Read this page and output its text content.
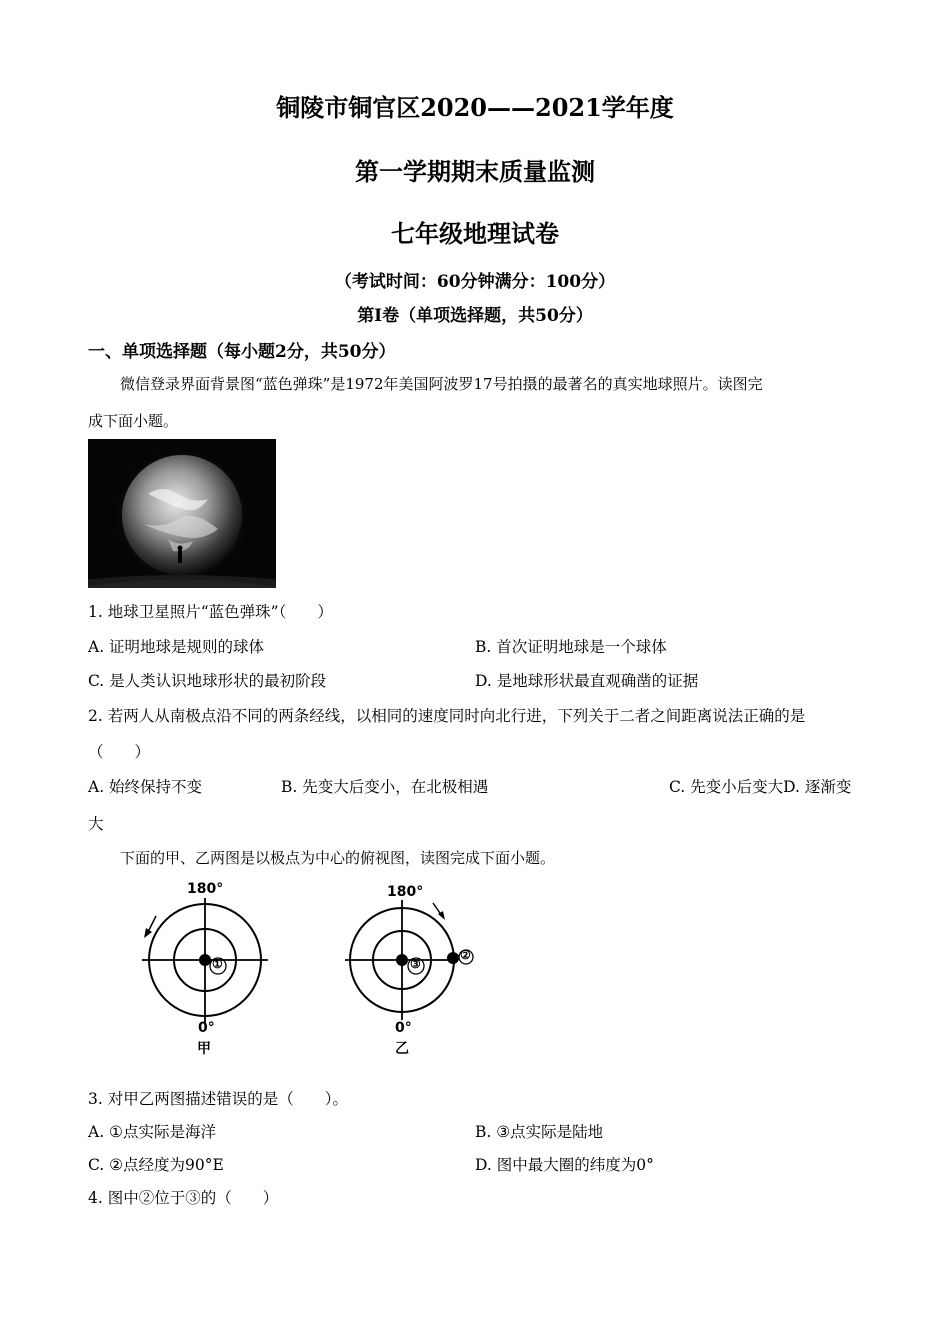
铜陵市铜官区2020——2021学年度
第一学期期末质量监测
七年级地理试卷
（考试时间：60分钟满分：100分）
第Ⅰ卷（单项选择题，共50分）
一、单项选择题（每小题2分，共50分）
微信登录界面背景图“蓝色弹珠”是1972年美国阿波罗17号拍摄的最著名的真实地球照片。读图完
成下面小题。
1. 地球卫星照片“蓝色弹珠”（　　）
A. 证明地球是规则的球体	B. 首次证明地球是一个球体
C. 是人类认识地球形状的最初阶段	D. 是地球形状最直观确凿的证据
2. 若两人从南极点沿不同的两条经线，以相同的速度同时向北行进，下列关于二者之间距离说法正确的是
（　　）
A. 始终保持不变	B. 先变大后变小，在北极相遇	C. 先变小后变大D. 逐渐变
大
下面的甲、乙两图是以极点为中心的俯视图，读图完成下面小题。
180°
①
0°
甲
180°
③
②
0°
乙
3. 对甲乙两图描述错误的是（　　）。
A. ①点实际是海洋	B. ③点实际是陆地
C. ②点经度为90°E	D. 图中最大圈的纬度为0°
4. 图中②位于③的（　　）
